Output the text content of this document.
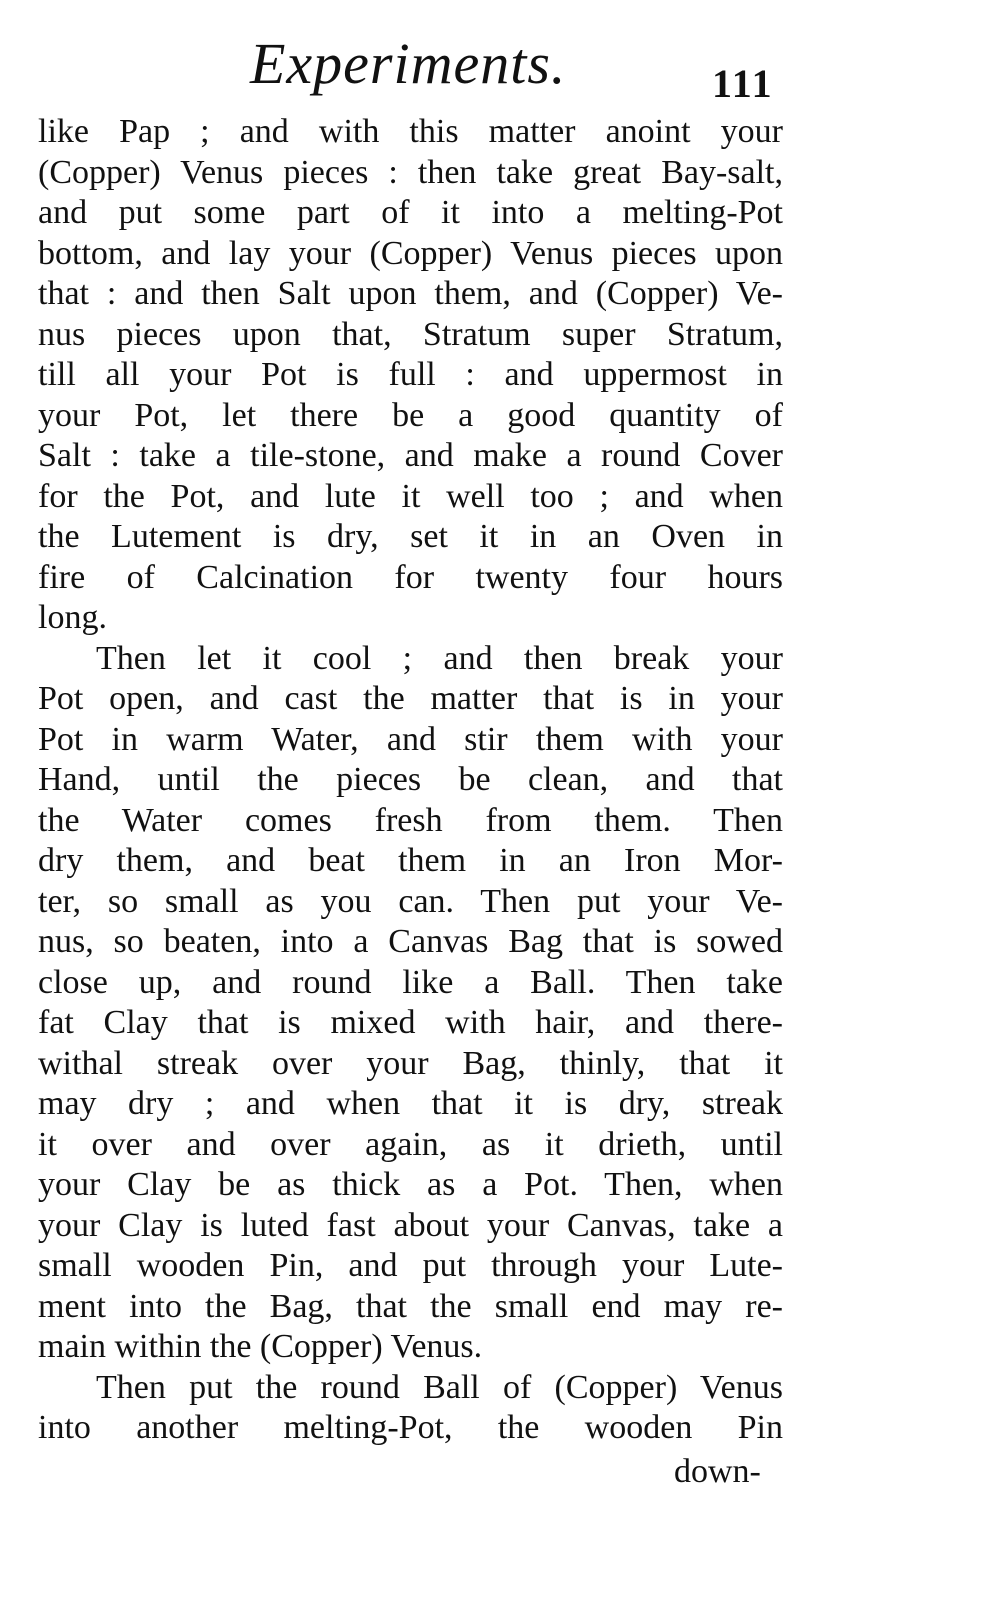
Experiments.	111
like Pap ; and with this matter anoint your
(Copper) Venus pieces : then take great Bay-salt,
and put some part of it into a melting-Pot
bottom, and lay your (Copper) Venus pieces upon
that : and then Salt upon them, and (Copper) Ve-
nus pieces upon that, Stratum super Stratum,
till all your Pot is full : and uppermost in
your Pot, let there be a good quantity of
Salt : take a tile-stone, and make a round Cover
for the Pot, and lute it well too ; and when
the Lutement is dry, set it in an Oven in
fire of Calcination for twenty four hours
long.
Then let it cool ; and then break your
Pot open, and cast the matter that is in your
Pot in warm Water, and stir them with your
Hand, until the pieces be clean, and that
the Water comes fresh from them. Then
dry them, and beat them in an Iron Mor-
ter, so small as you can. Then put your Ve-
nus, so beaten, into a Canvas Bag that is sowed
close up, and round like a Ball. Then take
fat Clay that is mixed with hair, and there-
withal streak over your Bag, thinly, that it
may dry ; and when that it is dry, streak
it over and over again, as it drieth, until
your Clay be as thick as a Pot. Then, when
your Clay is luted fast about your Canvas, take a
small wooden Pin, and put through your Lute-
ment into the Bag, that the small end may re-
main within the (Copper) Venus.
Then put the round Ball of (Copper) Venus
into another melting-Pot, the wooden Pin
down-
